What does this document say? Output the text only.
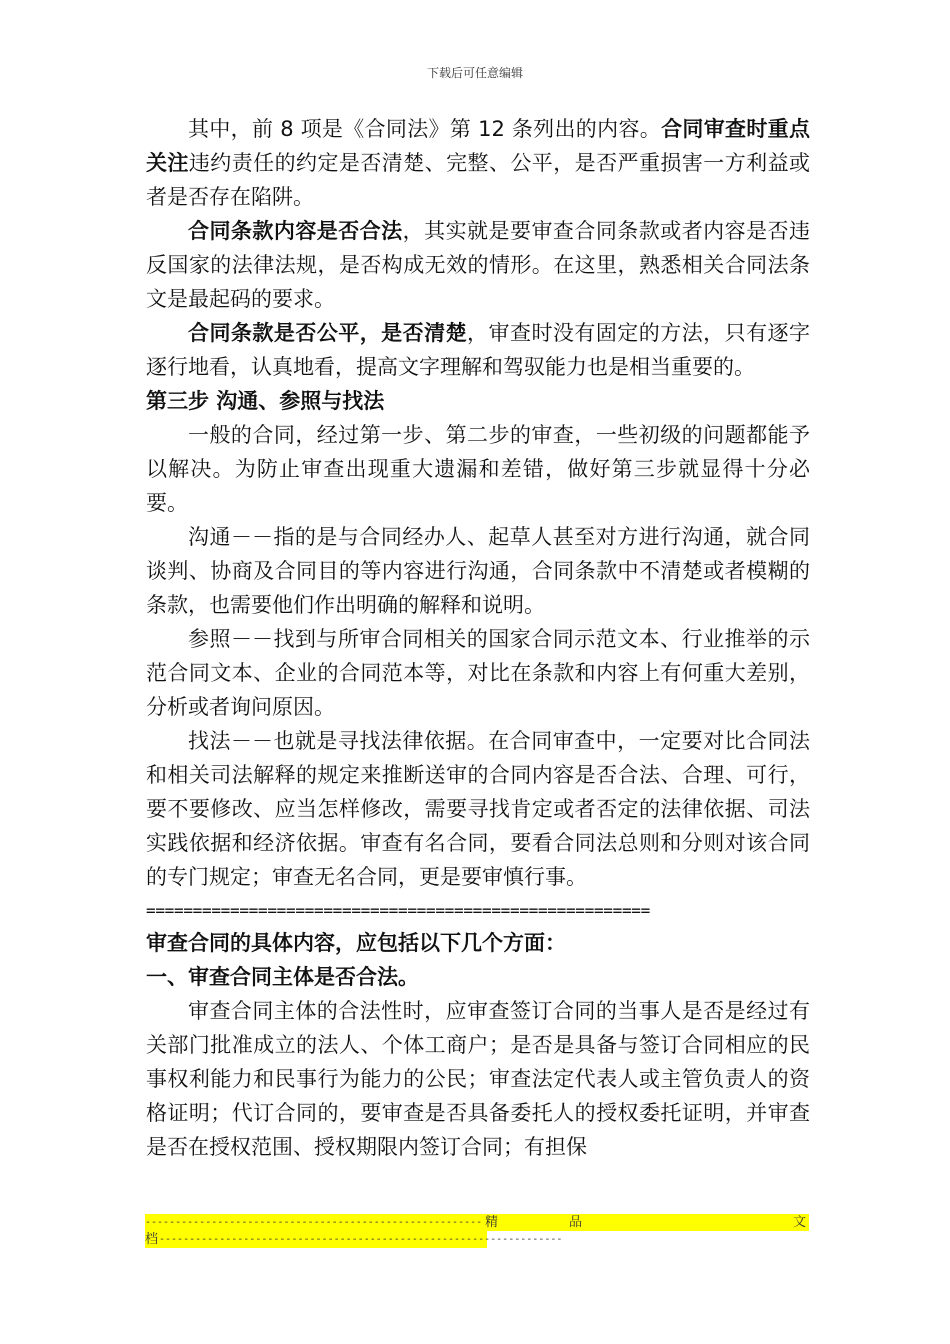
下载后可任意编辑

其中，前 8 项是《合同法》第 12 条列出的内容。合同审查时重点关注违约责任的约定是否清楚、完整、公平，是否严重损害一方利益或者是否存在陷阱。

合同条款内容是否合法，其实就是要审查合同条款或者内容是否违反国家的法律法规，是否构成无效的情形。在这里，熟悉相关合同法条文是最起码的要求。

合同条款是否公平，是否清楚，审查时没有固定的方法，只有逐字逐行地看，认真地看，提高文字理解和驾驭能力也是相当重要的。

第三步 沟通、参照与找法

一般的合同，经过第一步、第二步的审查，一些初级的问题都能予以解决。为防止审查出现重大遗漏和差错，做好第三步就显得十分必要。

沟通－－指的是与合同经办人、起草人甚至对方进行沟通，就合同谈判、协商及合同目的等内容进行沟通，合同条款中不清楚或者模糊的条款，也需要他们作出明确的解释和说明。

参照－－找到与所审合同相关的国家合同示范文本、行业推举的示范合同文本、企业的合同范本等，对比在条款和内容上有何重大差别，分析或者询问原因。

找法－－也就是寻找法律依据。在合同审查中，一定要对比合同法和相关司法解释的规定来推断送审的合同内容是否合法、合理、可行，要不要修改、应当怎样修改，需要寻找肯定或者否定的法律依据、司法实践依据和经济依据。审查有名合同，要看合同法总则和分则对该合同的专门规定；审查无名合同，更是要审慎行事。

======================================================

审查合同的具体内容，应包括以下几个方面：

一、审查合同主体是否合法。

审查合同主体的合法性时，应审查签订合同的当事人是否是经过有关部门批准成立的法人、个体工商户；是否是具备与签订合同相应的民事权利能力和民事行为能力的公民；审查法定代表人或主管负责人的资格证明；代订合同的，要审查是否具备委托人的授权委托证明，并审查是否在授权范围、授权期限内签订合同；有担保

-------------------------------------------------------- 精	品	文
档 -------------------------------------------------------------------
